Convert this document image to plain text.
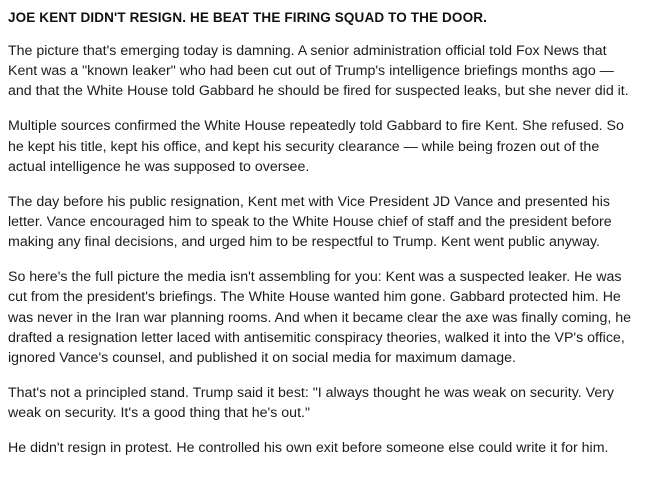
JOE KENT DIDN'T RESIGN. HE BEAT THE FIRING SQUAD TO THE DOOR.

The picture that's emerging today is damning. A senior administration official told Fox News that Kent was a "known leaker" who had been cut out of Trump's intelligence briefings months ago — and that the White House told Gabbard he should be fired for suspected leaks, but she never did it.

Multiple sources confirmed the White House repeatedly told Gabbard to fire Kent. She refused. So he kept his title, kept his office, and kept his security clearance — while being frozen out of the actual intelligence he was supposed to oversee.

The day before his public resignation, Kent met with Vice President JD Vance and presented his letter. Vance encouraged him to speak to the White House chief of staff and the president before making any final decisions, and urged him to be respectful to Trump. Kent went public anyway.

So here's the full picture the media isn't assembling for you: Kent was a suspected leaker. He was cut from the president's briefings. The White House wanted him gone. Gabbard protected him. He was never in the Iran war planning rooms. And when it became clear the axe was finally coming, he drafted a resignation letter laced with antisemitic conspiracy theories, walked it into the VP's office, ignored Vance's counsel, and published it on social media for maximum damage.

That's not a principled stand. Trump said it best: "I always thought he was weak on security. Very weak on security. It's a good thing that he's out."

He didn't resign in protest. He controlled his own exit before someone else could write it for him.
